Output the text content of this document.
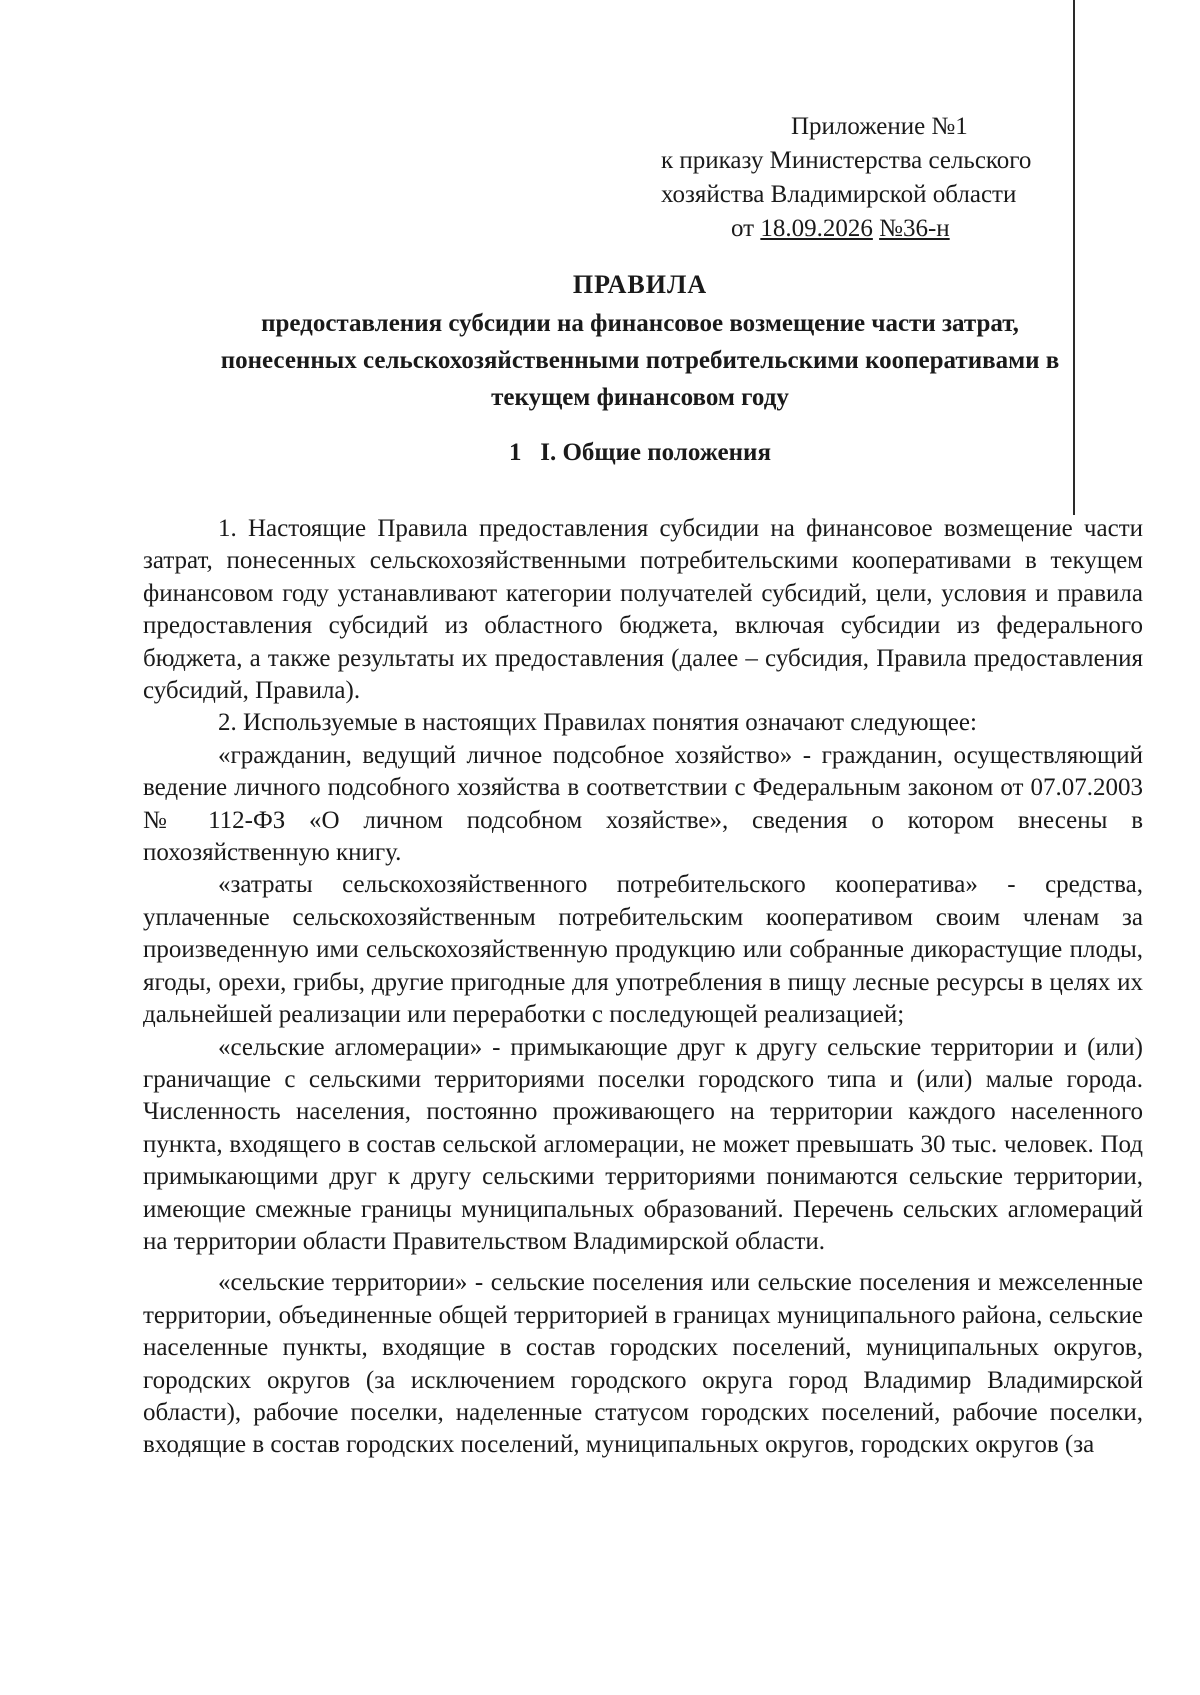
Приложение №1
к приказу Министерства сельского
хозяйства Владимирской области
от 18.09.2026 №36-н
ПРАВИЛА
предоставления субсидии на финансовое возмещение части затрат,
понесенных сельскохозяйственными потребительскими кооперативами в
текущем финансовом году
1   I. Общие положения

1. Настоящие Правила предоставления субсидии на финансовое возмещение части затрат, понесенных сельскохозяйственными потребительскими кооперативами в текущем финансовом году устанавливают категории получателей субсидий, цели, условия и правила предоставления субсидий из областного бюджета, включая субсидии из федерального бюджета, а также результаты их предоставления (далее – субсидия, Правила предоставления субсидий, Правила).

2. Используемые в настоящих Правилах понятия означают следующее:

«гражданин, ведущий личное подсобное хозяйство» - гражданин, осуществляющий ведение личного подсобного хозяйства в соответствии с Федеральным законом от 07.07.2003 № 112-ФЗ «О личном подсобном хозяйстве», сведения о котором внесены в похозяйственную книгу.

«затраты сельскохозяйственного потребительского кооператива» - средства, уплаченные сельскохозяйственным потребительским кооперативом своим членам за произведенную ими сельскохозяйственную продукцию или собранные дикорастущие плоды, ягоды, орехи, грибы, другие пригодные для употребления в пищу лесные ресурсы в целях их дальнейшей реализации или переработки с последующей реализацией;

«сельские агломерации» - примыкающие друг к другу сельские территории и (или) граничащие с сельскими территориями поселки городского типа и (или) малые города. Численность населения, постоянно проживающего на территории каждого населенного пункта, входящего в состав сельской агломерации, не может превышать 30 тыс. человек. Под примыкающими друг к другу сельскими территориями понимаются сельские территории, имеющие смежные границы муниципальных образований. Перечень сельских агломераций на территории области Правительством Владимирской области.

«сельские территории» - сельские поселения или сельские поселения и межселенные территории, объединенные общей территорией в границах муниципального района, сельские населенные пункты, входящие в состав городских поселений, муниципальных округов, городских округов (за исключением городского округа город Владимир Владимирской области), рабочие поселки, наделенные статусом городских поселений, рабочие поселки, входящие в состав городских поселений, муниципальных округов, городских округов (за
